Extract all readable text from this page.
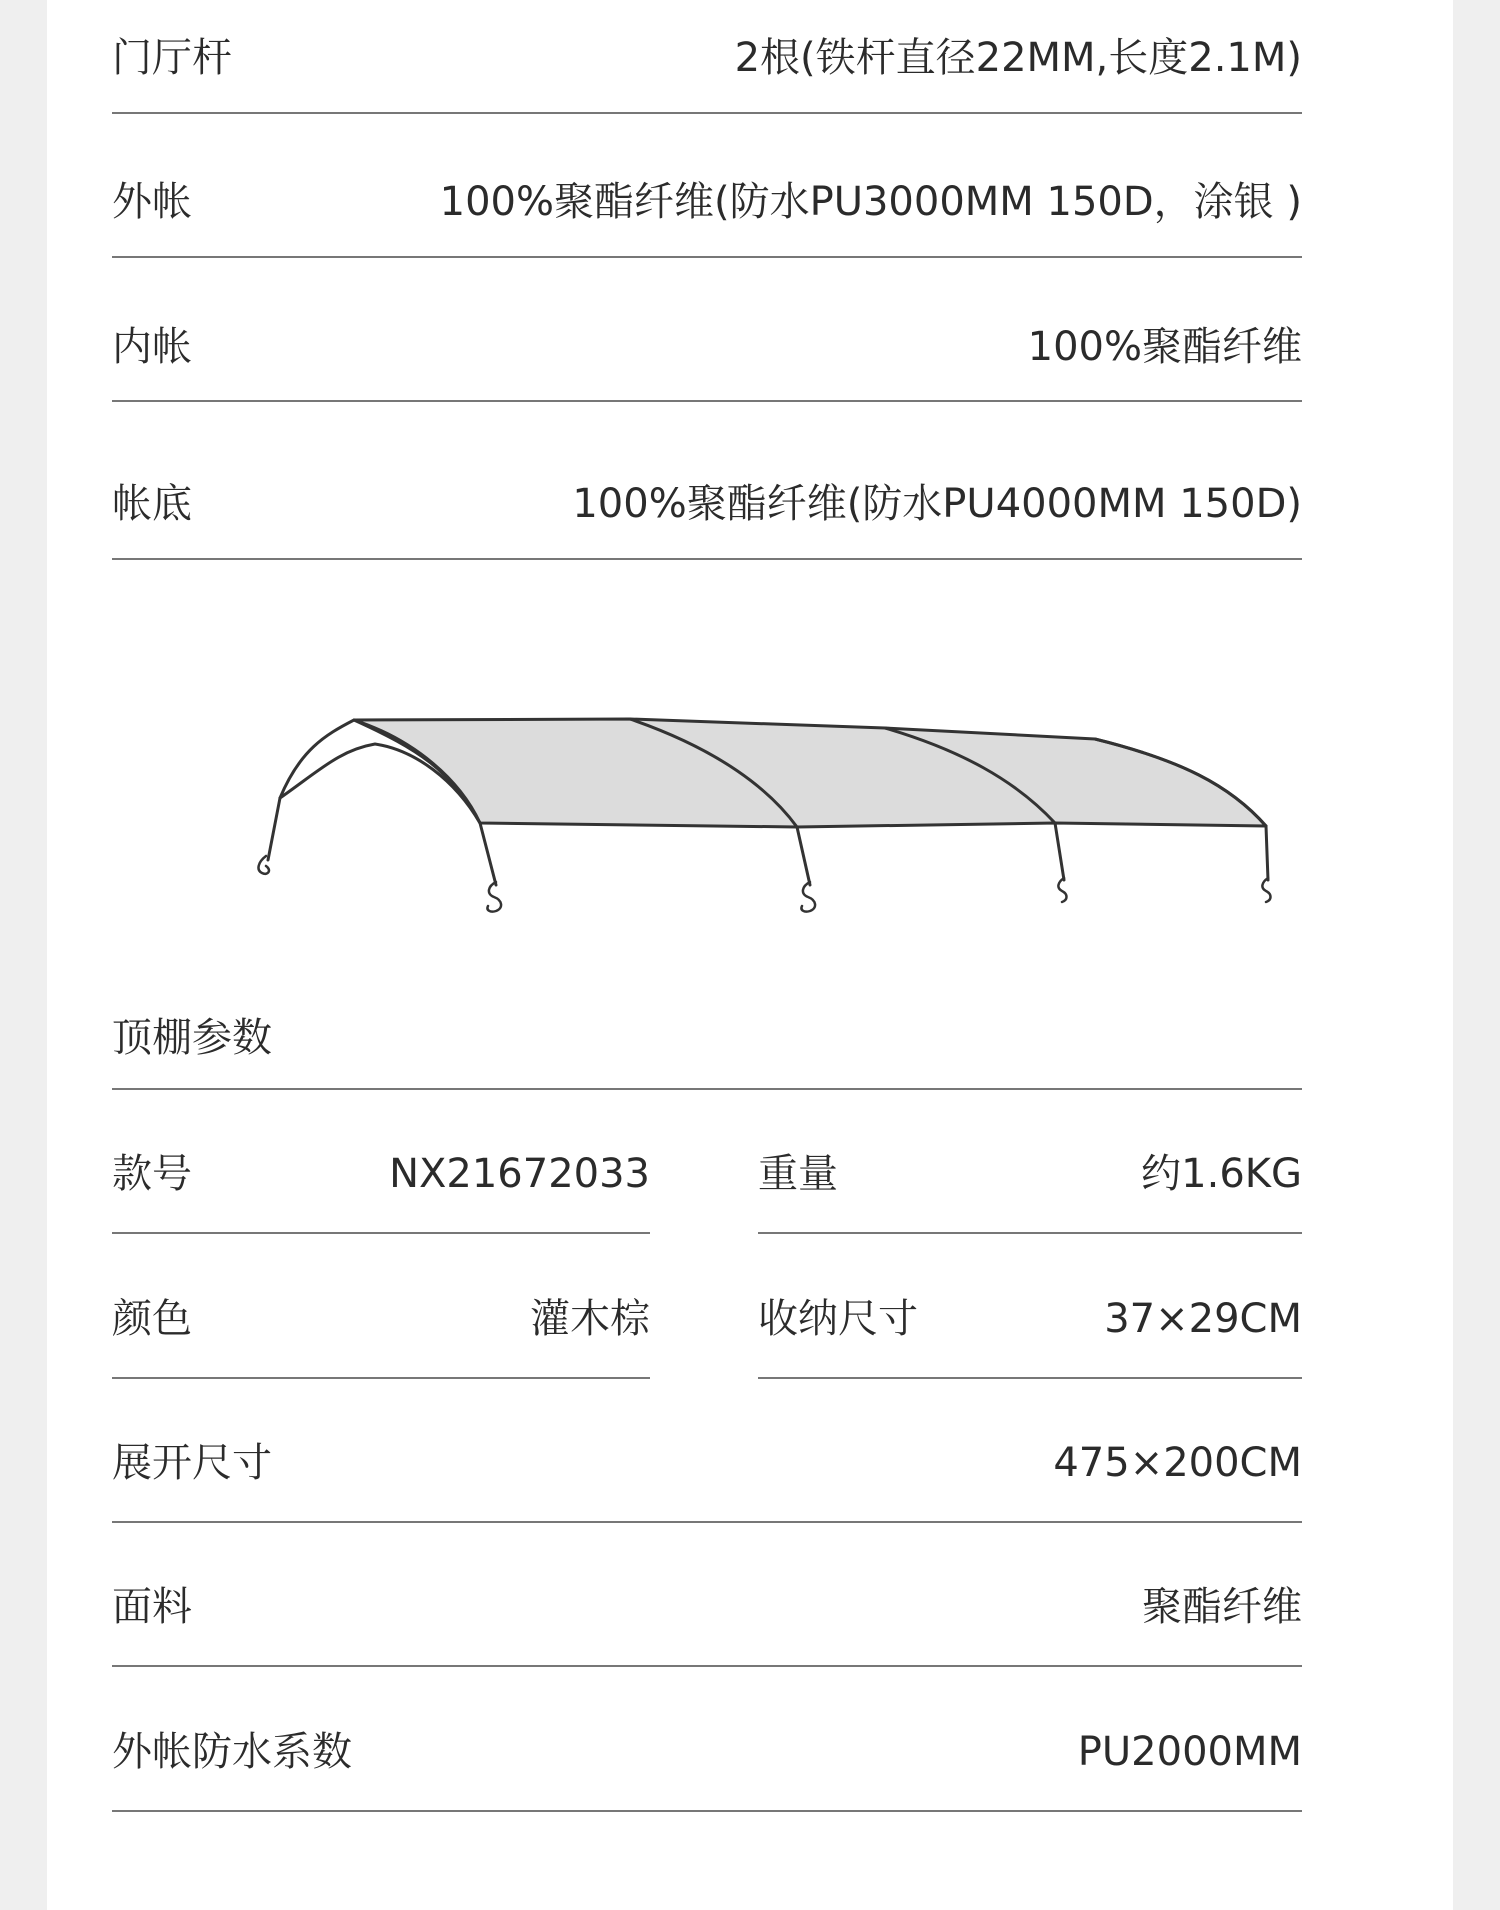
门厅杆	2根(铁杆直径22MM,长度2.1M)
外帐	100%聚酯纤维(防水PU3000MM 150D，涂银 )
内帐	100%聚酯纤维
帐底	100%聚酯纤维(防水PU4000MM 150D)
顶棚参数
款号	NX21672033	重量	约1.6KG
颜色	灌木棕	收纳尺寸	37×29CM
展开尺寸	475×200CM
面料	聚酯纤维
外帐防水系数	PU2000MM
